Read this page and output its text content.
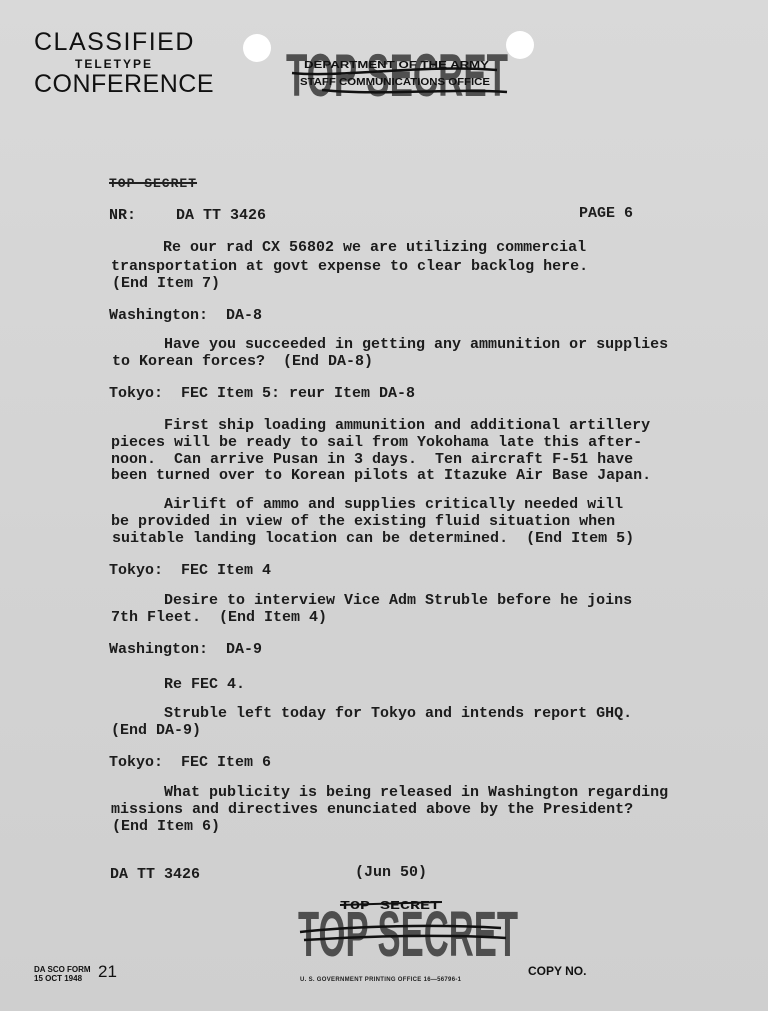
CLASSIFIED
TELETYPE
CONFERENCE TOP SECRET
DEPARTMENT OF THE ARMY
STAFF COMMUNICATIONS OFFICE
TOP SECRET
NR:	DA TT 3426	PAGE 6
Re our rad CX 56802 we are utilizing commercial
transportation at govt expense to clear backlog here.
(End Item 7)
Washington:  DA-8
Have you succeeded in getting any ammunition or supplies
to Korean forces?  (End DA-8)
Tokyo:  FEC Item 5: reur Item DA-8
First ship loading ammunition and additional artillery
pieces will be ready to sail from Yokohama late this after-
noon.  Can arrive Pusan in 3 days.  Ten aircraft F-51 have
been turned over to Korean pilots at Itazuke Air Base Japan.
Airlift of ammo and supplies critically needed will
be provided in view of the existing fluid situation when
suitable landing location can be determined.  (End Item 5)
Tokyo:  FEC Item 4
Desire to interview Vice Adm Struble before he joins
7th Fleet.  (End Item 4)
Washington:  DA-9
Re FEC 4.
Struble left today for Tokyo and intends report GHQ.
(End DA-9)
Tokyo:  FEC Item 6
What publicity is being released in Washington regarding
missions and directives enunciated above by the President?
(End Item 6)
DA TT 3426	(Jun 50)
TOP SECRET
TOP SECRET
DA SCO FORM
15 OCT 1948 21	U. S. GOVERNMENT PRINTING OFFICE 16—56796-1
COPY NO.
